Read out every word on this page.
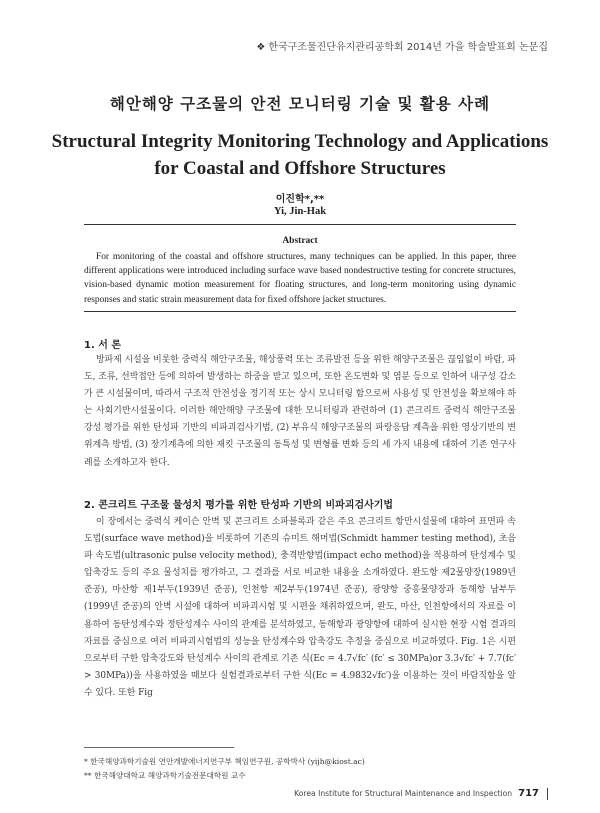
❖ 한국구조물진단유지관리공학회 2014년 가을 학술발표회 논문집
해안해양 구조물의 안전 모니터링 기술 및 활용 사례
Structural Integrity Monitoring Technology and Applications
for Coastal and Offshore Structures
이진학*,**
Yi, Jin-Hak
Abstract
For monitoring of the coastal and offshore structures, many techniques can be applied. In this paper, three different applications were introduced including surface wave based nondestructive testing for concrete structures, vision-based dynamic motion measurement for floating structures, and long-term monitoring using dynamic responses and static strain measurement data for fixed offshore jacket structures.
1. 서 론
방파제 시설을 비롯한 중력식 해안구조물, 해상풍력 또는 조류발전 등을 위한 해양구조물은 끊임없이 바람, 파도, 조류, 선박접안 등에 의하여 발생하는 하중을 받고 있으며, 또한 온도변화 및 염분 등으로 인하여 내구성 감소가 큰 시설물이며, 따라서 구조적 안전성을 정기적 또는 상시 모니터링 함으로써 사용성 및 안전성을 확보해야 하는 사회기반시설물이다. 이러한 해안해양 구조물에 대한 모니터링과 관련하여 (1) 콘크리트 중력식 해안구조물 강성 평가를 위한 탄성파 기반의 비파괴검사기법, (2) 부유식 해양구조물의 파랑응답 계측을 위한 영상기반의 변위계측 방법, (3) 장기계측에 의한 재킷 구조물의 동특성 및 변형률 변화 등의 세 가지 내용에 대하여 기존 연구사례를 소개하고자 한다.
2. 콘크리트 구조물 물성치 평가를 위한 탄성파 기반의 비파괴검사기법
이 장에서는 중력식 케이슨 안벽 및 콘크리트 소파블록과 같은 주요 콘크리트 항만시설물에 대하여 표면파 속도법(surface wave method)을 비롯하여 기존의 슈미트 해머법(Schmidt hammer testing method), 초음파 속도법(ultrasonic pulse velocity method), 충격반향법(impact echo method)을 적용하여 탄성계수 및 압축강도 등의 주요 물성치를 평가하고, 그 결과를 서로 비교한 내용을 소개하였다. 완도항 제2물양장(1989년 준공), 마산항 제1부두(1939년 준공), 인천항 제2부두(1974년 준공), 광양항 중흥물양장과 동해항 남부두(1999년 준공)의 안벽 시설에 대하여 비파괴시험 및 시편을 채취하였으며, 완도, 마산, 인천항에서의 자료를 이용하여 동탄성계수와 정탄성계수 사이의 관계를 분석하였고, 동해항과 광양항에 대하여 실시한 현장 시험 결과의 자료를 중심으로 여러 비파괴시험법의 성능을 탄성계수와 압축강도 추정을 중심으로 비교하였다. Fig. 1은 시편으로부터 구한 압축강도와 탄성계수 사이의 관계로 기존 식(Ec = 4.7√fc′ (fc′ ≤ 30MPa)or 3.3√fc′ + 7.7(fc′ > 30MPa))을 사용하였을 때보다 실험결과로부터 구한 식(Ec = 4.9832√fc′)을 이용하는 것이 바람직함을 알 수 있다. 또한 Fig
* 한국해양과학기술원 연안개발에너지연구부 책임연구원, 공학박사 (yijh@kiost.ac)
** 한국해양대학교 해양과학기술전문대학원 교수
Korea Institute for Structural Maintenance and Inspection 717
